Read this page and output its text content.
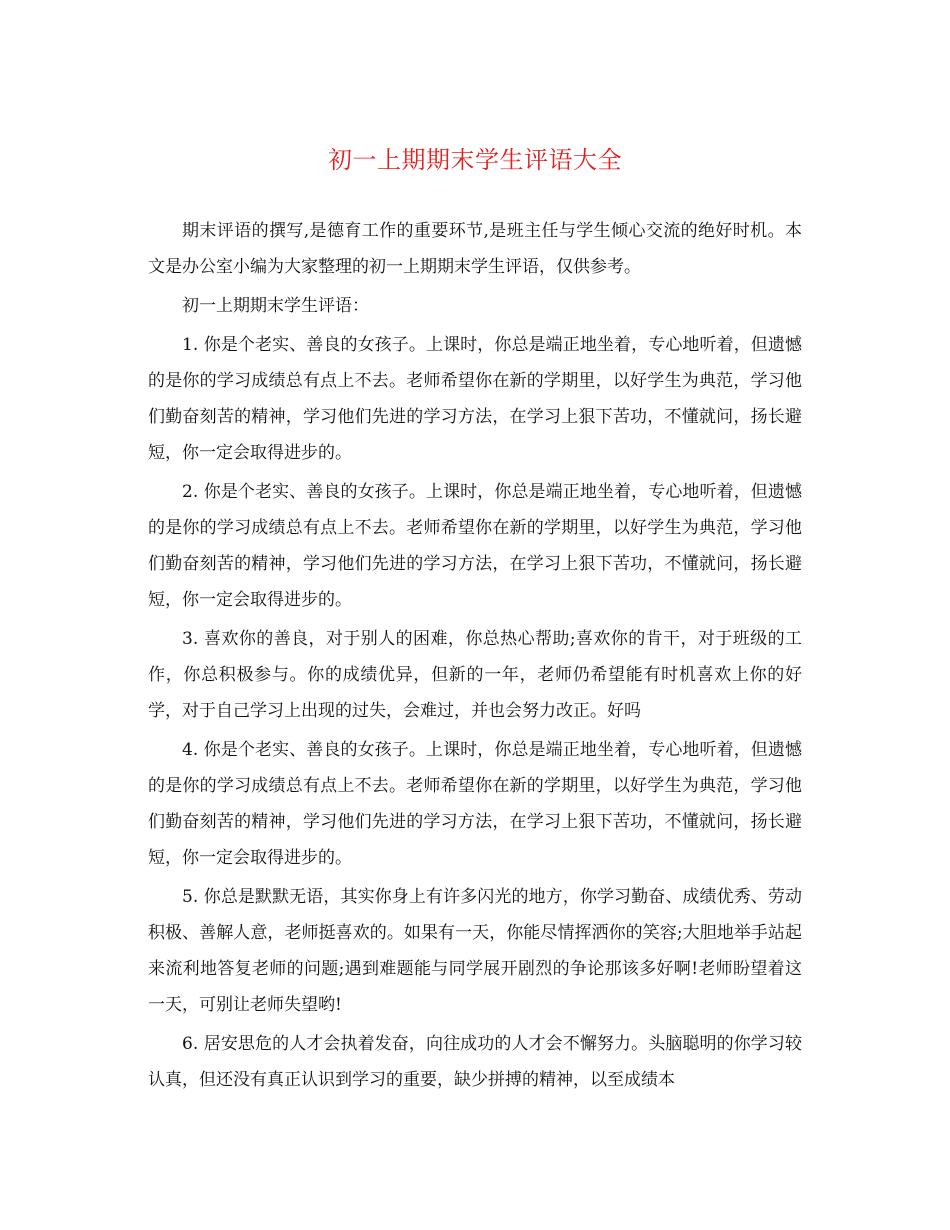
初一上期期末学生评语大全

期末评语的撰写,是德育工作的重要环节,是班主任与学生倾心交流的绝好时机。本文是办公室小编为大家整理的初一上期期末学生评语，仅供参考。

初一上期期末学生评语：

1. 你是个老实、善良的女孩子。上课时，你总是端正地坐着，专心地听着，但遗憾的是你的学习成绩总有点上不去。老师希望你在新的学期里，以好学生为典范，学习他们勤奋刻苦的精神，学习他们先进的学习方法，在学习上狠下苦功，不懂就问，扬长避短，你一定会取得进步的。

2. 你是个老实、善良的女孩子。上课时，你总是端正地坐着，专心地听着，但遗憾的是你的学习成绩总有点上不去。老师希望你在新的学期里，以好学生为典范，学习他们勤奋刻苦的精神，学习他们先进的学习方法，在学习上狠下苦功，不懂就问，扬长避短，你一定会取得进步的。

3. 喜欢你的善良，对于别人的困难，你总热心帮助;喜欢你的肯干，对于班级的工作，你总积极参与。你的成绩优异，但新的一年，老师仍希望能有时机喜欢上你的好学，对于自己学习上出现的过失，会难过，并也会努力改正。好吗

4. 你是个老实、善良的女孩子。上课时，你总是端正地坐着，专心地听着，但遗憾的是你的学习成绩总有点上不去。老师希望你在新的学期里，以好学生为典范，学习他们勤奋刻苦的精神，学习他们先进的学习方法，在学习上狠下苦功，不懂就问，扬长避短，你一定会取得进步的。

5. 你总是默默无语，其实你身上有许多闪光的地方，你学习勤奋、成绩优秀、劳动积极、善解人意，老师挺喜欢的。如果有一天，你能尽情挥洒你的笑容;大胆地举手站起来流利地答复老师的问题;遇到难题能与同学展开剧烈的争论那该多好啊!老师盼望着这一天，可别让老师失望哟!

6. 居安思危的人才会执着发奋，向往成功的人才会不懈努力。头脑聪明的你学习较认真，但还没有真正认识到学习的重要，缺少拼搏的精神，以至成绩本
